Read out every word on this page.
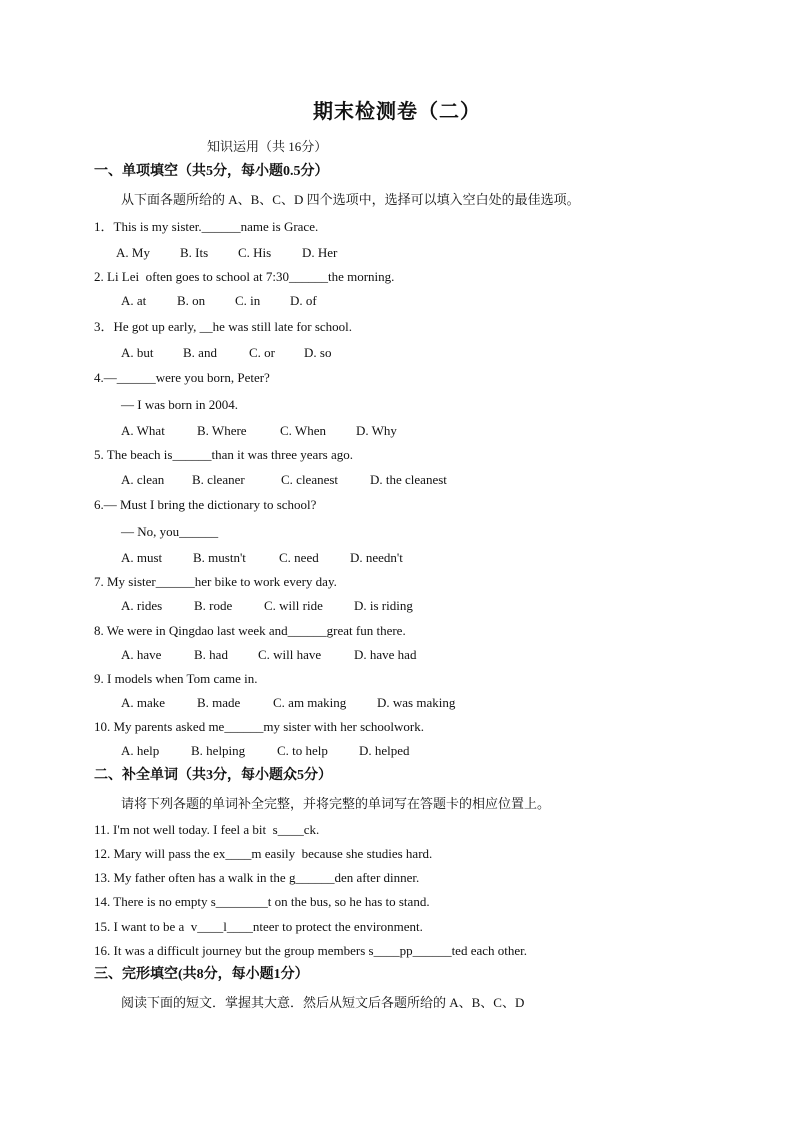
期末检测卷（二）
知识运用（共 16分）
一、单项填空（共5分，每小题0.5分）
从下面各题所给的 A、B、C、D 四个选项中，选择可以填入空白处的最佳选项。
1．This is my sister.______name is Grace.
A. My	B. Its	C. His	D. Her
2. Li Lei  often goes to school at 7:30______the morning.
A. at	B. on	C. in	D. of
3．He got up early, __he was still late for school.
A. but	B. and	C. or	D. so
4.—______were you born, Peter?
— I was born in 2004.
A. What	B. Where	C. When	D. Why
5. The beach is______than it was three years ago.
A. clean	B. cleaner	C. cleanest	D. the cleanest
6.— Must I bring the dictionary to school?
— No, you______
A. must	B. mustn't	C. need	D. needn't
7. My sister______her bike to work every day.
A. rides	B. rode	C. will ride	D. is riding
8. We were in Qingdao last week and______great fun there.
A. have	B. had	C. will have	D. have had
9. I models when Tom came in.
A. make	B. made	C. am making	D. was making
10. My parents asked me______my sister with her schoolwork.
A. help	B. helping	C. to help	D. helped
二、补全单词（共3分，每小题众5分）
请将下列各题的单词补全完整，并将完整的单词写在答题卡的相应位置上。
11. I'm not well today. I feel a bit  s____ck.
12. Mary will pass the ex____m easily  because she studies hard.
13. My father often has a walk in the g______den after dinner.
14. There is no empty s________t on the bus, so he has to stand.
15. I want to be a  v____l____nteer to protect the environment.
16. It was a difficult journey but the group members s____pp______ted each other.
三、完形填空(共8分，每小题1分）
阅读下面的短文．掌握其大意．然后从短文后各题所给的 A、B、C、D
